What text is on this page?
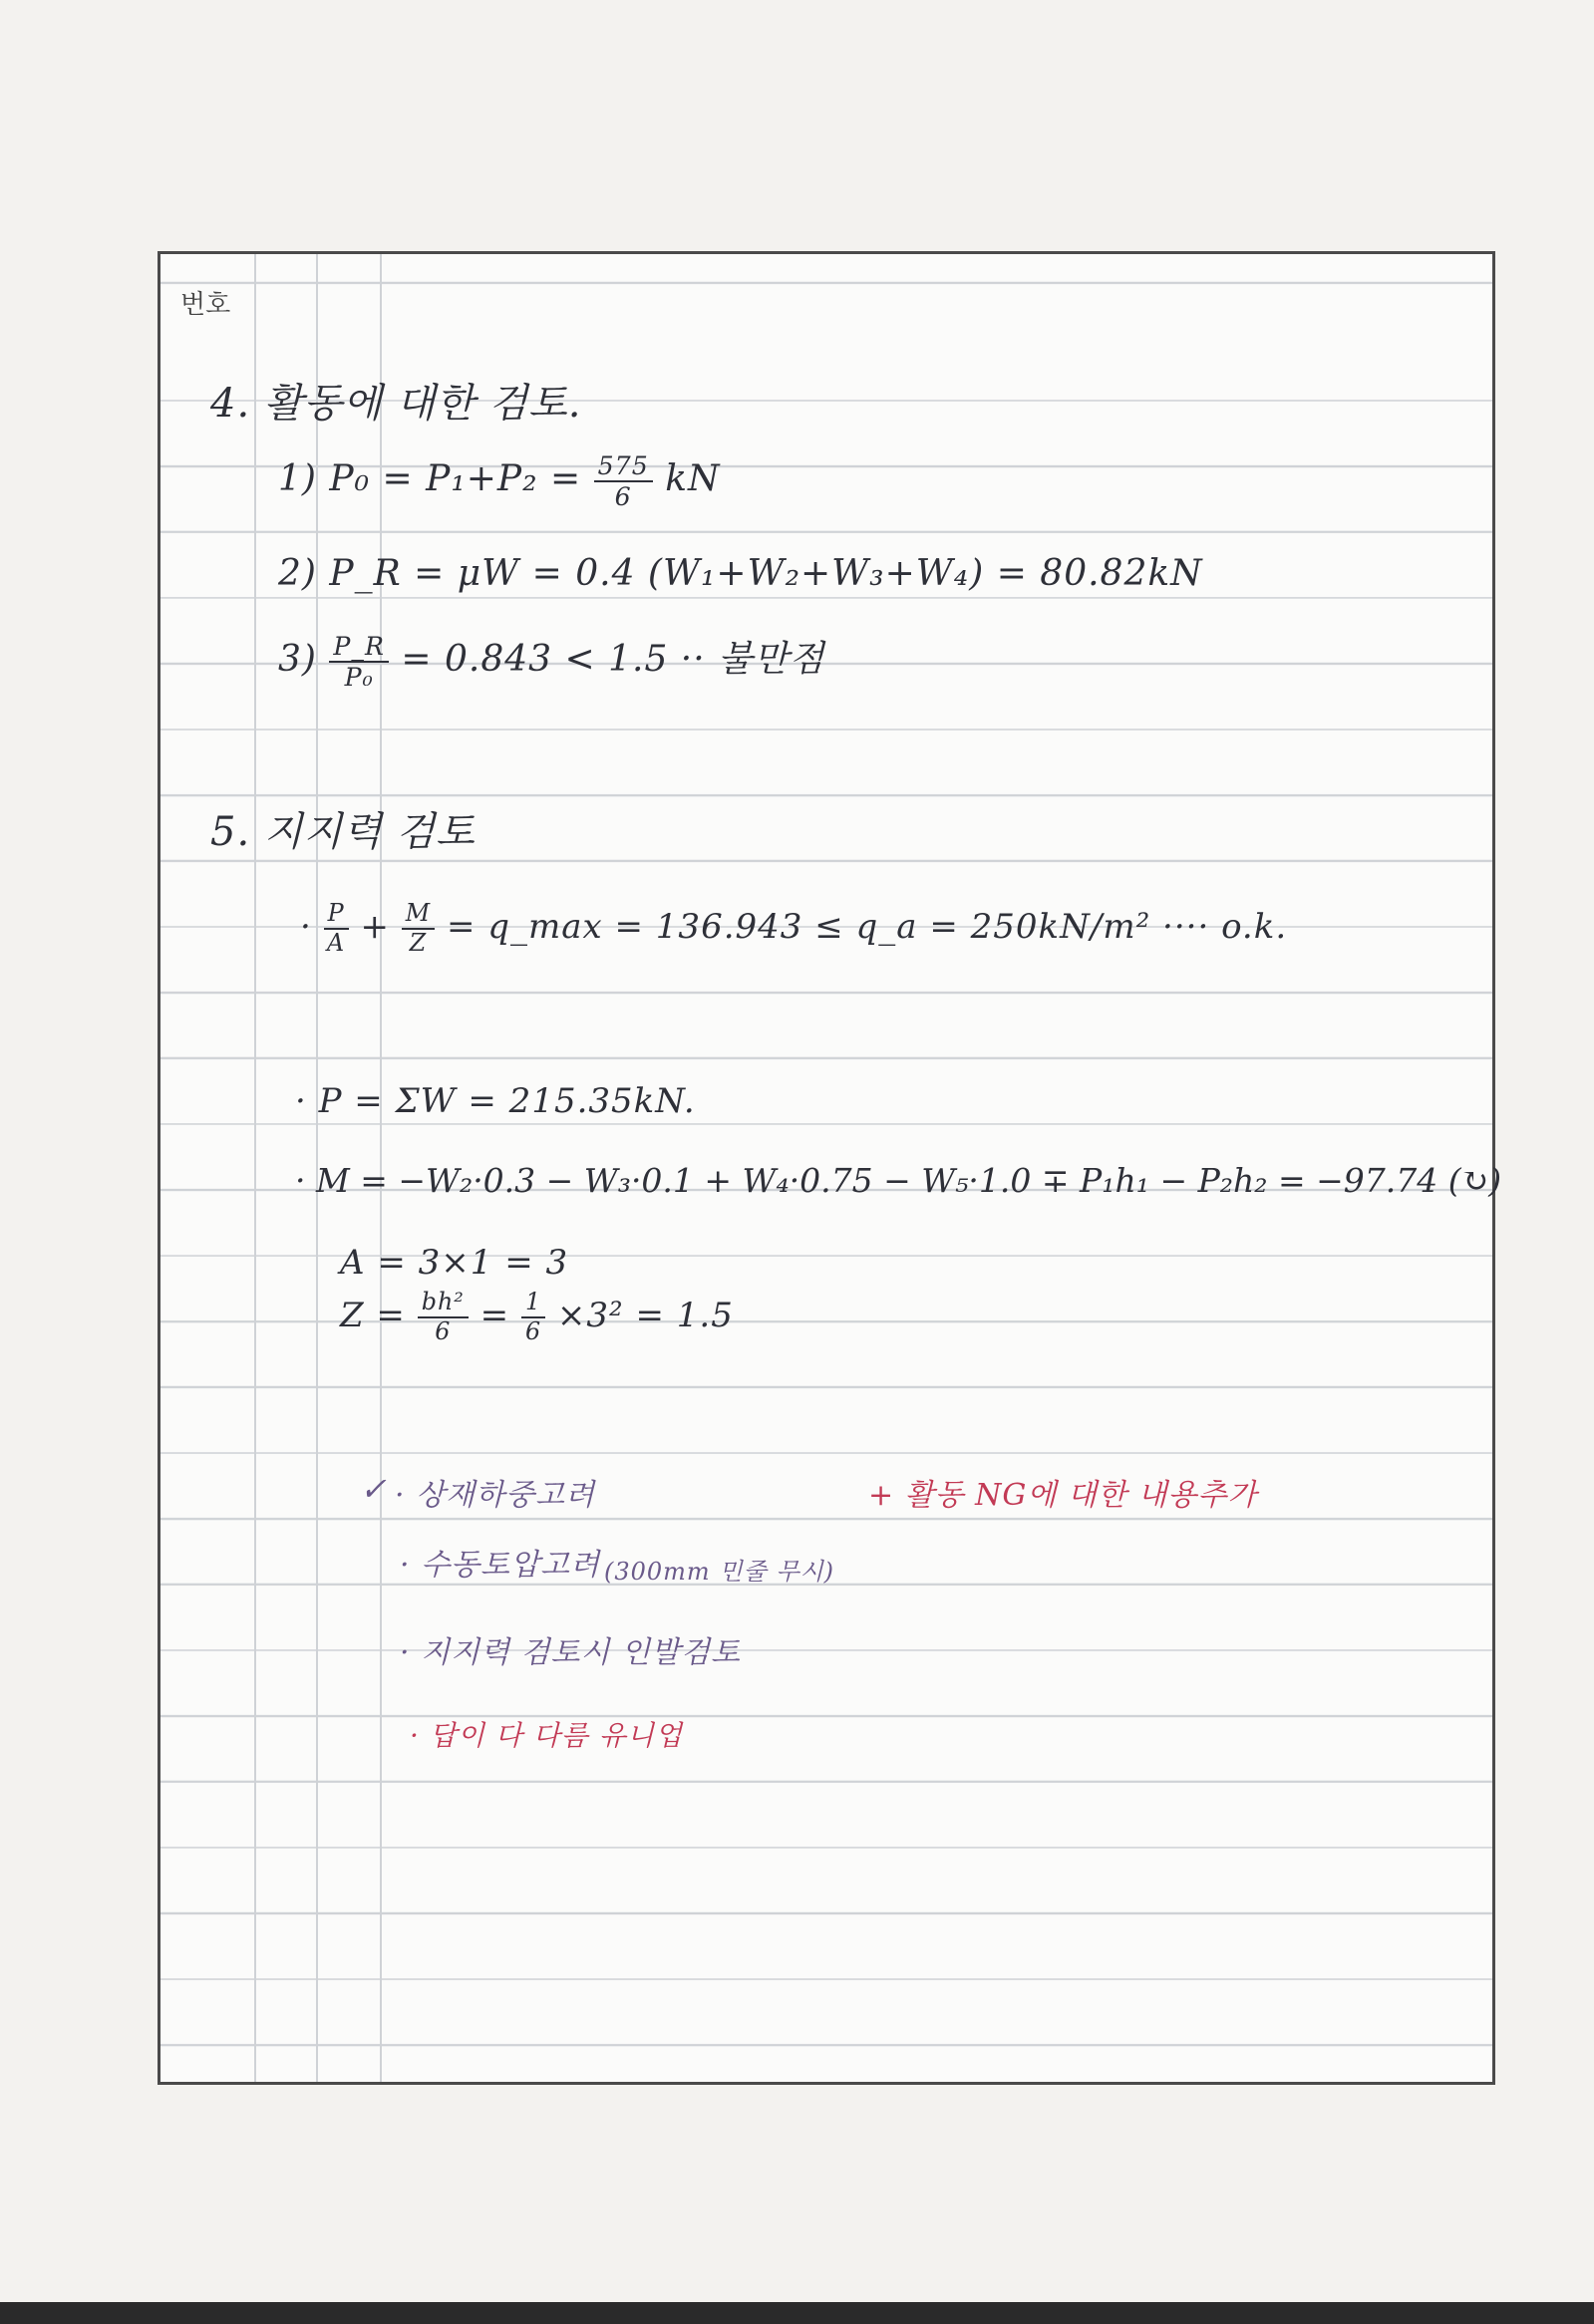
번호
4. 활동에 대한 검토.
1) $P_0 = P_1+P_2 = \frac{575}{6}$ kN
2) P_R = μW = 0.4 (W₁+W₂+W₃+W₄) = 80.82kN
$3) \frac{P\_R}{\text{P₀}} = 0.843 < 1.5$ ·· 불만점
5. 지지력 검토
· $\frac{P}{A} + \frac{M}{Z}$ = q_max = 136.943 ≤ q_a = 250kN/m² ···· o.k.
· P = ΣW = 215.35kN.
· M = −W₂·0.3 − W₃·0.1 + W₄·0.75 − W₅·1.0 ∓ P₁h₁ − P₂h₂ = −97.74 (↻)
A = 3×1 = 3
$Z = \frac{\text{bh²}}{6} = \frac{1}{6} \times 3^2 = 1.5$
✓ · 상재하중고려	+ 활동 NG에 대한 내용추가
· 수동토압고려 (300mm 민줄 무시)
· 지지력 검토시 인발검토
· 답이 다 다름 유니업
